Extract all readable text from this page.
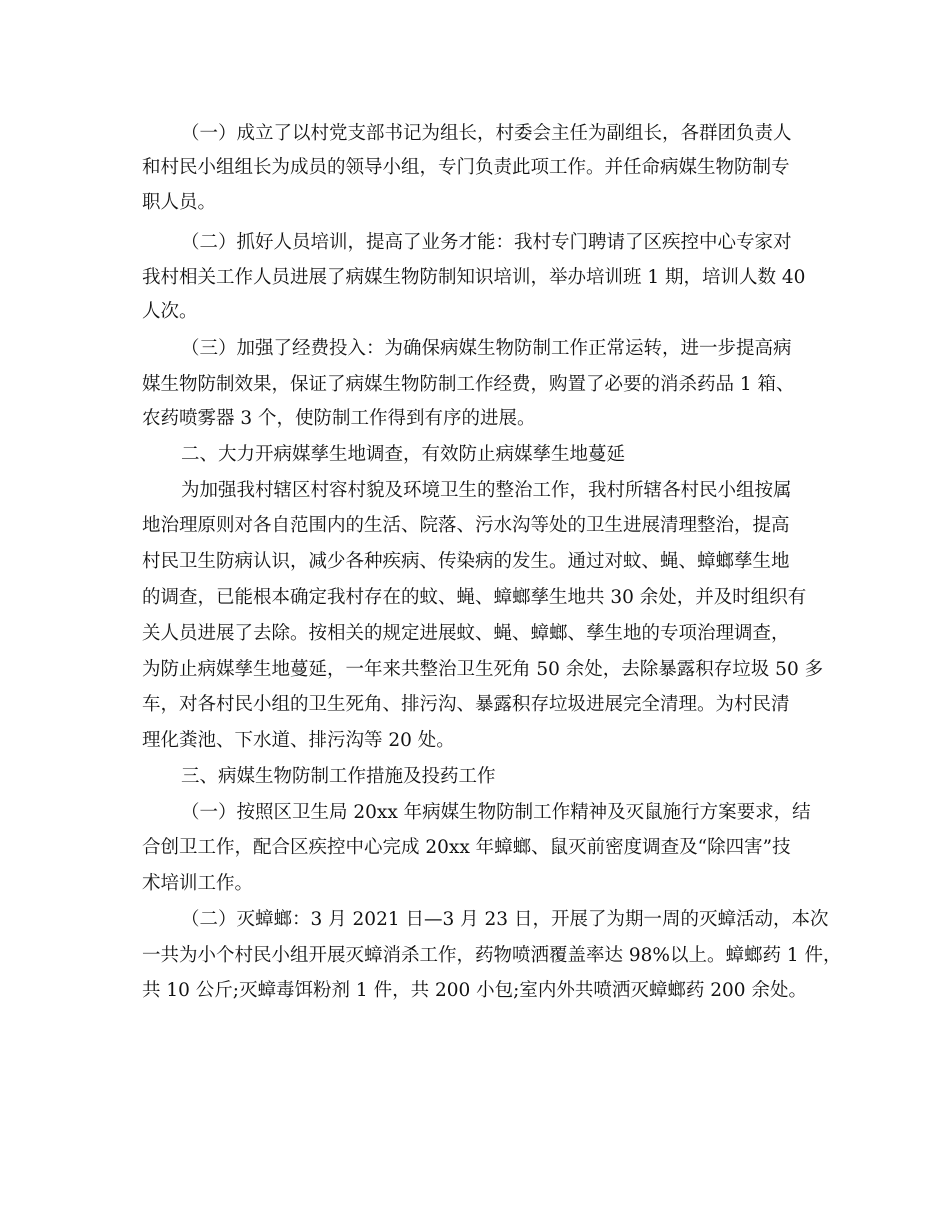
（一）成立了以村党支部书记为组长，村委会主任为副组长，各群团负责人
和村民小组组长为成员的领导小组，专门负责此项工作。并任命病媒生物防制专
职人员。
（二）抓好人员培训，提高了业务才能：我村专门聘请了区疾控中心专家对
我村相关工作人员进展了病媒生物防制知识培训，举办培训班 1 期，培训人数 40
人次。
（三）加强了经费投入：为确保病媒生物防制工作正常运转，进一步提高病
媒生物防制效果，保证了病媒生物防制工作经费，购置了必要的消杀药品 1 箱、
农药喷雾器 3 个，使防制工作得到有序的进展。
二、大力开病媒孳生地调查，有效防止病媒孳生地蔓延
为加强我村辖区村容村貌及环境卫生的整治工作，我村所辖各村民小组按属
地治理原则对各自范围内的生活、院落、污水沟等处的卫生进展清理整治，提高
村民卫生防病认识，减少各种疾病、传染病的发生。通过对蚊、蝇、蟑螂孳生地
的调查，已能根本确定我村存在的蚊、蝇、蟑螂孳生地共 30 余处，并及时组织有
关人员进展了去除。按相关的规定进展蚊、蝇、蟑螂、孳生地的专项治理调查，
为防止病媒孳生地蔓延，一年来共整治卫生死角 50 余处，去除暴露积存垃圾 50 多
车，对各村民小组的卫生死角、排污沟、暴露积存垃圾进展完全清理。为村民清
理化粪池、下水道、排污沟等 20 处。
三、病媒生物防制工作措施及投药工作
（一）按照区卫生局 20xx 年病媒生物防制工作精神及灭鼠施行方案要求，结
合创卫工作，配合区疾控中心完成 20xx 年蟑螂、鼠灭前密度调查及“除四害”技
术培训工作。
（二）灭蟑螂：3 月 2021 日—3 月 23 日，开展了为期一周的灭蟑活动，本次
一共为小个村民小组开展灭蟑消杀工作，药物喷洒覆盖率达 98%以上。蟑螂药 1 件，
共 10 公斤;灭蟑毒饵粉剂 1 件，共 200 小包;室内外共喷洒灭蟑螂药 200 余处。
